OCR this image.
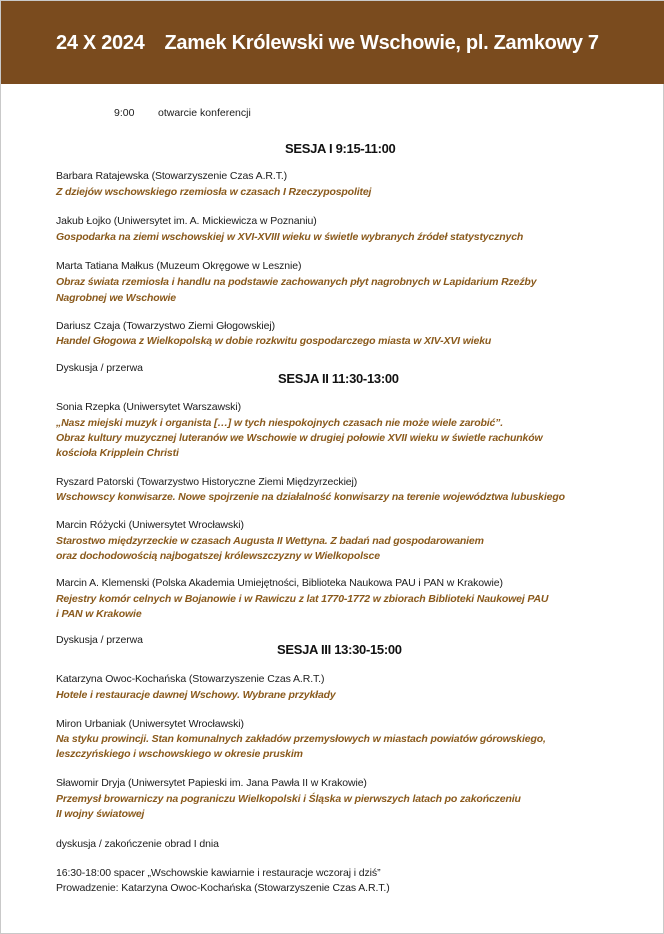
24 X 2024 Zamek Królewski we Wschowie, pl. Zamkowy 7
9:00 otwarcie konferencji
SESJA I 9:15-11:00
Barbara Ratajewska (Stowarzyszenie Czas A.R.T.)
Z dziejów wschowskiego rzemiosła w czasach I Rzeczypospolitej
Jakub Łojko (Uniwersytet im. A. Mickiewicza w Poznaniu)
Gospodarka na ziemi wschowskiej w XVI-XVIII wieku w świetle wybranych źródeł statystycznych
Marta Tatiana Małkus (Muzeum Okręgowe w Lesznie)
Obraz świata rzemiosła i handlu na podstawie zachowanych płyt nagrobnych w Lapidarium Rzeźby
Nagrobnej we Wschowie
Dariusz Czaja (Towarzystwo Ziemi Głogowskiej)
Handel Głogowa z Wielkopolską w dobie rozkwitu gospodarczego miasta w XIV-XVI wieku
Dyskusja / przerwa
SESJA II 11:30-13:00
Sonia Rzepka (Uniwersytet Warszawski)
„Nasz miejski muzyk i organista […] w tych niespokojnych czasach nie może wiele zarobić”.
Obraz kultury muzycznej luteranów we Wschowie w drugiej połowie XVII wieku w świetle rachunków
kościoła Kripplein Christi
Ryszard Patorski (Towarzystwo Historyczne Ziemi Międzyrzeckiej)
Wschowscy konwisarze. Nowe spojrzenie na działalność konwisarzy na terenie województwa lubuskiego
Marcin Różycki (Uniwersytet Wrocławski)
Starostwo międzyrzeckie w czasach Augusta II Wettyna. Z badań nad gospodarowaniem
oraz dochodowością najbogatszej królewszczyzny w Wielkopolsce
Marcin A. Klemenski (Polska Akademia Umiejętności, Biblioteka Naukowa PAU i PAN w Krakowie)
Rejestry komór celnych w Bojanowie i w Rawiczu z lat 1770-1772 w zbiorach Biblioteki Naukowej PAU
i PAN w Krakowie
Dyskusja / przerwa
SESJA III 13:30-15:00
Katarzyna Owoc-Kochańska (Stowarzyszenie Czas A.R.T.)
Hotele i restauracje dawnej Wschowy. Wybrane przykłady
Miron Urbaniak (Uniwersytet Wrocławski)
Na styku prowincji. Stan komunalnych zakładów przemysłowych w miastach powiatów górowskiego,
leszczyńskiego i wschowskiego w okresie pruskim
Sławomir Dryja (Uniwersytet Papieski im. Jana Pawła II w Krakowie)
Przemysł browarniczy na pograniczu Wielkopolski i Śląska w pierwszych latach po zakończeniu
II wojny światowej
dyskusja / zakończenie obrad I dnia
16:30-18:00 spacer „Wschowskie kawiarnie i restauracje wczoraj i dziś”
Prowadzenie: Katarzyna Owoc-Kochańska (Stowarzyszenie Czas A.R.T.)
